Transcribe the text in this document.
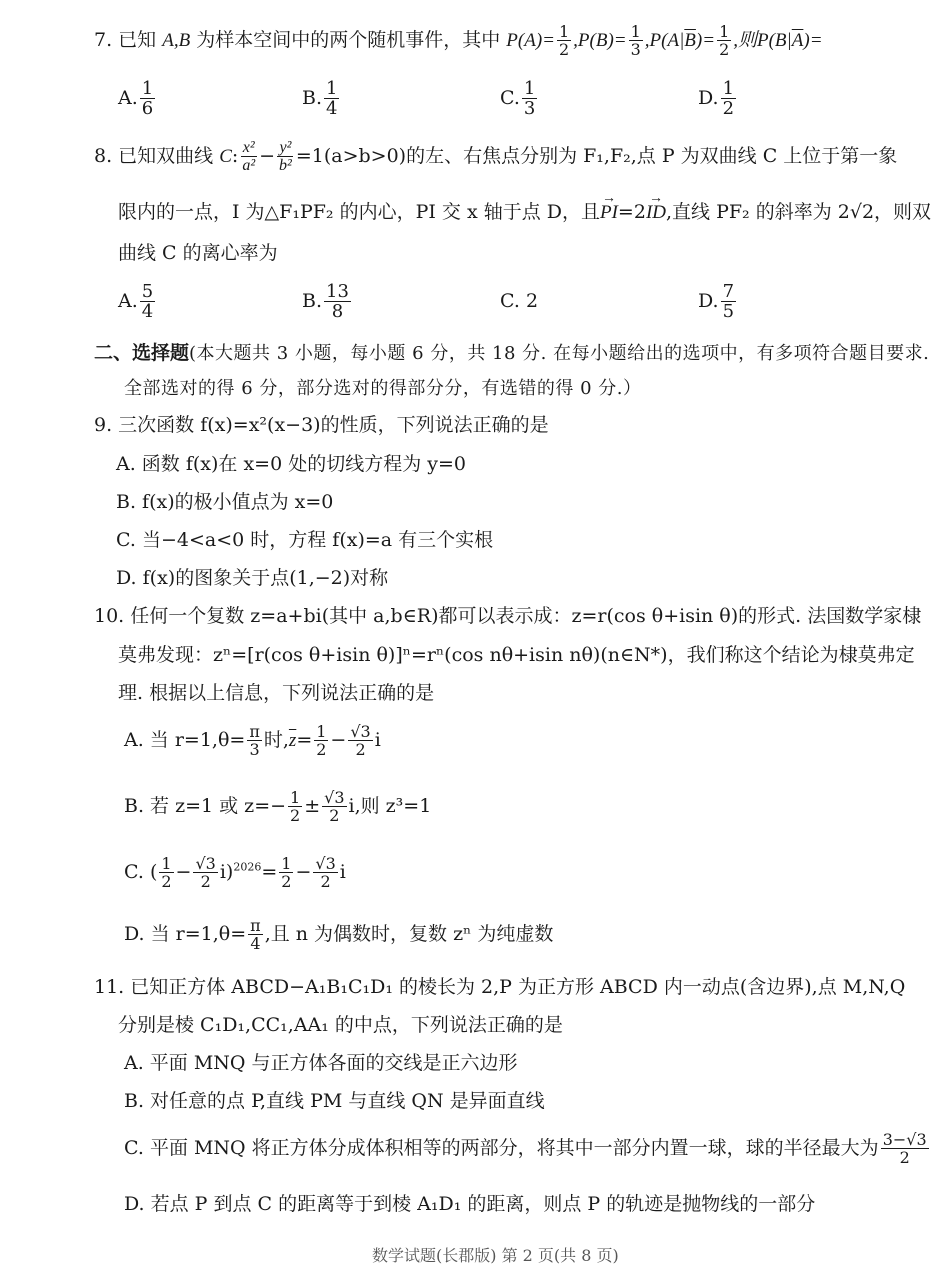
7. 已知 A,B 为样本空间中的两个随机事件，其中 $P(A)= \frac{1}{2} ,P(B)= \frac{1}{3} ,P(A|\overline{B})= \frac{1}{2}$ ,则$P(B|\overline{A})=$
A. $\frac{1}{6}$	B. $\frac{1}{4}$	C. $\frac{1}{3}$	D. $\frac{1}{2}$
8. 已知双曲线 C: $\frac{\text{x²}}{\text{a²}} - \frac{\text{y²}}{\text{b²}} =1(a>b>0)$的左、右焦点分别为 F₁,F₂,点 P 为双曲线 C 上位于第一象
限内的一点，I 为△F₁PF₂ 的内心，PI 交 x 轴于点 D，且→ PI=2→ ID,直线 PF₂ 的斜率为 2√2，则双
曲线 C 的离心率为
A. $\frac{5}{4}$	B. $\frac{13}{8}$	C. 2	D. $\frac{7}{5}$
二、选择题(本大题共 3 小题，每小题 6 分，共 18 分. 在每小题给出的选项中，有多项符合题目要求.
全部选对的得 6 分，部分选对的得部分分，有选错的得 0 分.）
9. 三次函数 f(x)=x²(x−3)的性质，下列说法正确的是
A. 函数 f(x)在 x=0 处的切线方程为 y=0
B. f(x)的极小值点为 x=0
C. 当−4<a<0 时，方程 f(x)=a 有三个实根
D. f(x)的图象关于点(1,−2)对称
10. 任何一个复数 z=a+bi(其中 a,b∈R)都可以表示成：z=r(cos θ+isin θ)的形式. 法国数学家棣
莫弗发现：zⁿ=[r(cos θ+isin θ)]ⁿ=rⁿ(cos nθ+isin nθ)(n∈N*)，我们称这个结论为棣莫弗定
理. 根据以上信息，下列说法正确的是
A. 当 $r=1,\theta= \frac{\pi}{3}$ 时$,\overline{z}= \frac{1}{2} - \frac{√3}{2}$ i
B. 若 z=1 或 $z=- \frac{1}{2} \pm \frac{√3}{2} i$,则 z³=1
C. ( $\frac{1}{2} - \frac{√3}{2} i)^{2026}= \frac{1}{2} - \frac{√3}{2}$ i
D. 当 $r=1,\theta= \frac{\pi}{4}$ ,且 n 为偶数时，复数 zⁿ 为纯虚数
11. 已知正方体 ABCD−A₁B₁C₁D₁ 的棱长为 2,P 为正方形 ABCD 内一动点(含边界),点 M,N,Q
分别是棱 C₁D₁,CC₁,AA₁ 的中点，下列说法正确的是
A. 平面 MNQ 与正方体各面的交线是正六边形
B. 对任意的点 P,直线 PM 与直线 QN 是异面直线
C. 平面 MNQ 将正方体分成体积相等的两部分，将其中一部分内置一球，球的半径最大为 $\frac{3-√3}{2}$
D. 若点 P 到点 C 的距离等于到棱 A₁D₁ 的距离，则点 P 的轨迹是抛物线的一部分
数学试题(长郡版) 第 2 页(共 8 页)
